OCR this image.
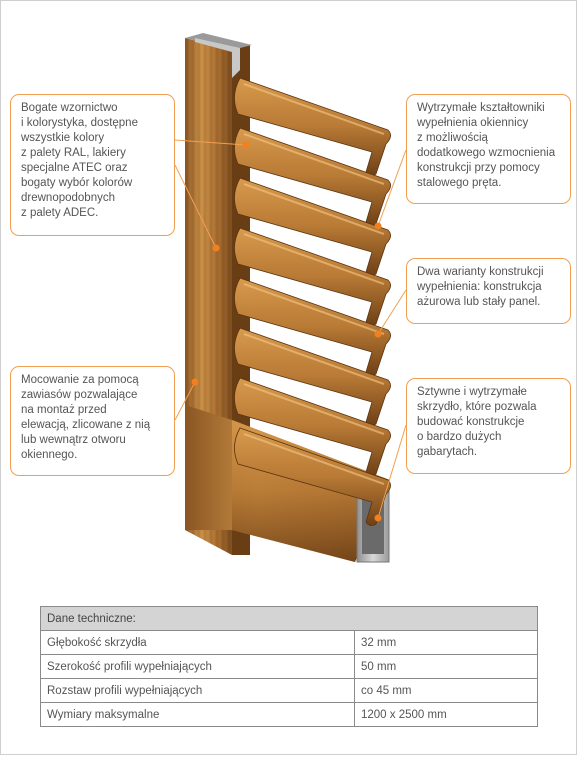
Bogate wzornictwo
i kolorystyka, dostępne
wszystkie kolory
z palety RAL, lakiery
specjalne ATEC oraz
bogaty wybór kolorów
drewnopodobnych
z palety ADEC.
Mocowanie za pomocą
zawiasów pozwalające
na montaż przed
elewacją, zlicowane z nią
lub wewnątrz otworu
okiennego.
Wytrzymałe kształtowniki
wypełnienia okiennicy
z możliwością
dodatkowego wzmocnienia
konstrukcji przy pomocy
stalowego pręta.
Dwa warianty konstrukcji
wypełnienia: konstrukcja
ażurowa lub stały panel.
Sztywne i wytrzymałe
skrzydło, które pozwala
budować konstrukcje
o bardzo dużych
gabarytach.
Dane techniczne:	
Głębokość skrzydła	32 mm
Szerokość profili wypełniających	50 mm
Rozstaw profili wypełniających	co 45 mm
Wymiary maksymalne	1200 x 2500 mm
